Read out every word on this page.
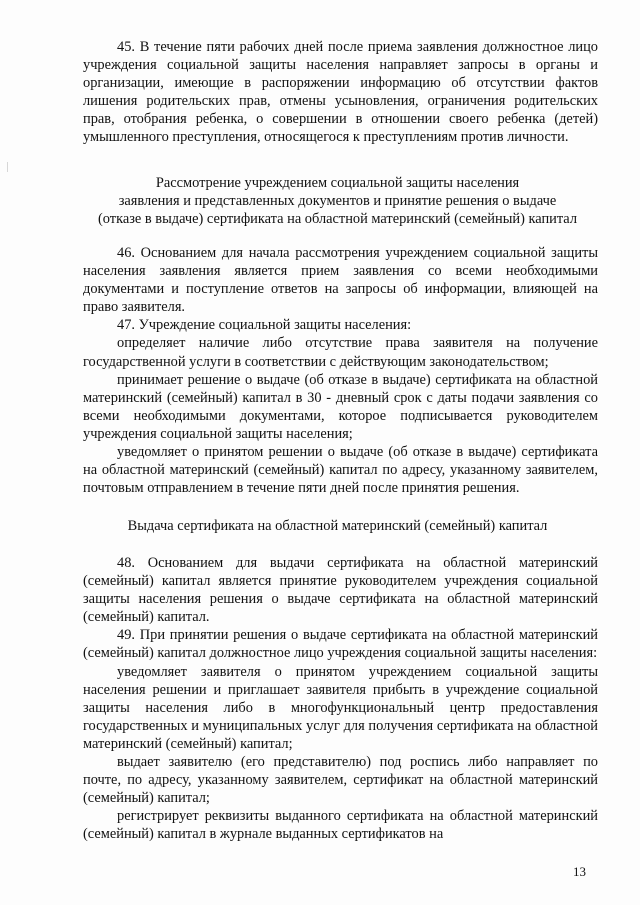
45. В течение пяти рабочих дней после приема заявления должностное лицо учреждения социальной защиты населения направляет запросы в органы и организации, имеющие в распоряжении информацию об отсутствии фактов лишения родительских прав, отмены усыновления, ограничения родительских прав, отобрания ребенка, о совершении в отношении своего ребенка (детей) умышленного преступления, относящегося к преступлениям против личности.

Рассмотрение учреждением социальной защиты населения
заявления и представленных документов и принятие решения о выдаче
(отказе в выдаче) сертификата на областной материнский (семейный) капитал

46. Основанием для начала рассмотрения учреждением социальной защиты населения заявления является прием заявления со всеми необходимыми документами и поступление ответов на запросы об информации, влияющей на право заявителя.

47. Учреждение социальной защиты населения:

определяет наличие либо отсутствие права заявителя на получение государственной услуги в соответствии с действующим законодательством;

принимает решение о выдаче (об отказе в выдаче) сертификата на областной материнский (семейный) капитал в 30 - дневный срок с даты подачи заявления со всеми необходимыми документами, которое подписывается руководителем учреждения социальной защиты населения;

уведомляет о принятом решении о выдаче (об отказе в выдаче) сертификата на областной материнский (семейный) капитал по адресу, указанному заявителем, почтовым отправлением в течение пяти дней после принятия решения.

Выдача сертификата на областной материнский (семейный) капитал

48. Основанием для выдачи сертификата на областной материнский (семейный) капитал является принятие руководителем учреждения социальной защиты населения решения о выдаче сертификата на областной материнский (семейный) капитал.

49. При принятии решения о выдаче сертификата на областной материнский (семейный) капитал должностное лицо учреждения социальной защиты населения:

уведомляет заявителя о принятом учреждением социальной защиты населения решении и приглашает заявителя прибыть в учреждение социальной защиты населения либо в многофункциональный центр предоставления государственных и муниципальных услуг для получения сертификата на областной материнский (семейный) капитал;

выдает заявителю (его представителю) под роспись либо направляет по почте, по адресу, указанному заявителем, сертификат на областной материнский (семейный) капитал;

регистрирует реквизиты выданного сертификата на областной материнский (семейный) капитал в журнале выданных сертификатов на

13
